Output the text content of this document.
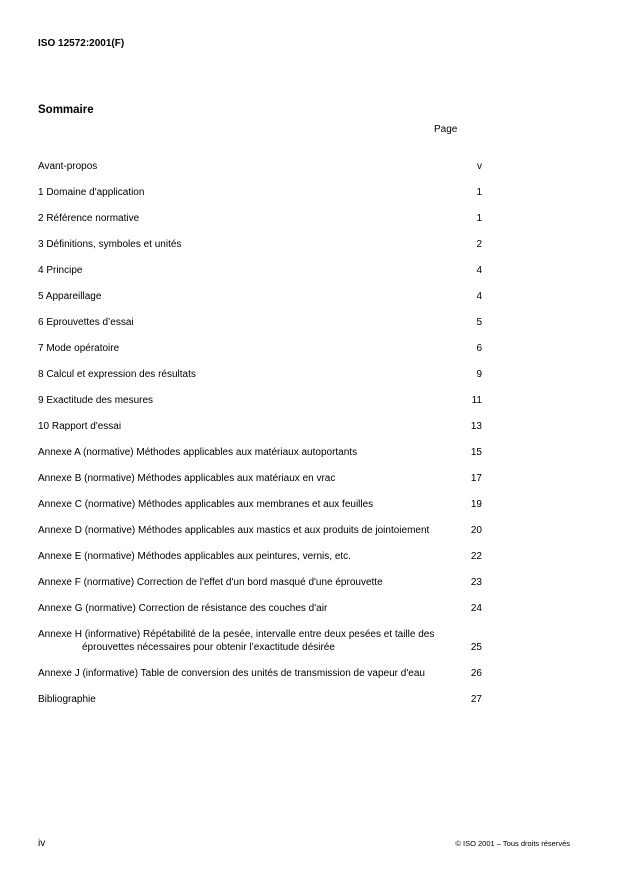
ISO 12572:2001(F)

Sommaire

Page

Avant-propos	v
1 Domaine d'application	1
2 Référence normative	1
3 Définitions, symboles et unités	2
4 Principe	4
5 Appareillage	4
6 Eprouvettes d’essai	5
7 Mode opératoire	6
8 Calcul et expression des résultats	9
9 Exactitude des mesures	11
10 Rapport d'essai	13
Annexe A (normative) Méthodes applicables aux matériaux autoportants	15
Annexe B (normative) Méthodes applicables aux matériaux en vrac	17
Annexe C (normative) Méthodes applicables aux membranes et aux feuilles	19
Annexe D (normative) Méthodes applicables aux mastics et aux produits de jointoiement	20
Annexe E (normative) Méthodes applicables aux peintures, vernis, etc.	22
Annexe F (normative) Correction de l'effet d'un bord masqué d'une éprouvette	23
Annexe G (normative) Correction de résistance des couches d'air	24
Annexe H (informative) Répétabilité de la pesée, intervalle entre deux pesées et taille des éprouvettes nécessaires pour obtenir l’exactitude désirée	25
Annexe J (informative) Table de conversion des unités de transmission de vapeur d'eau	26
Bibliographie	27

iv	© ISO 2001 – Tous droits réservés
